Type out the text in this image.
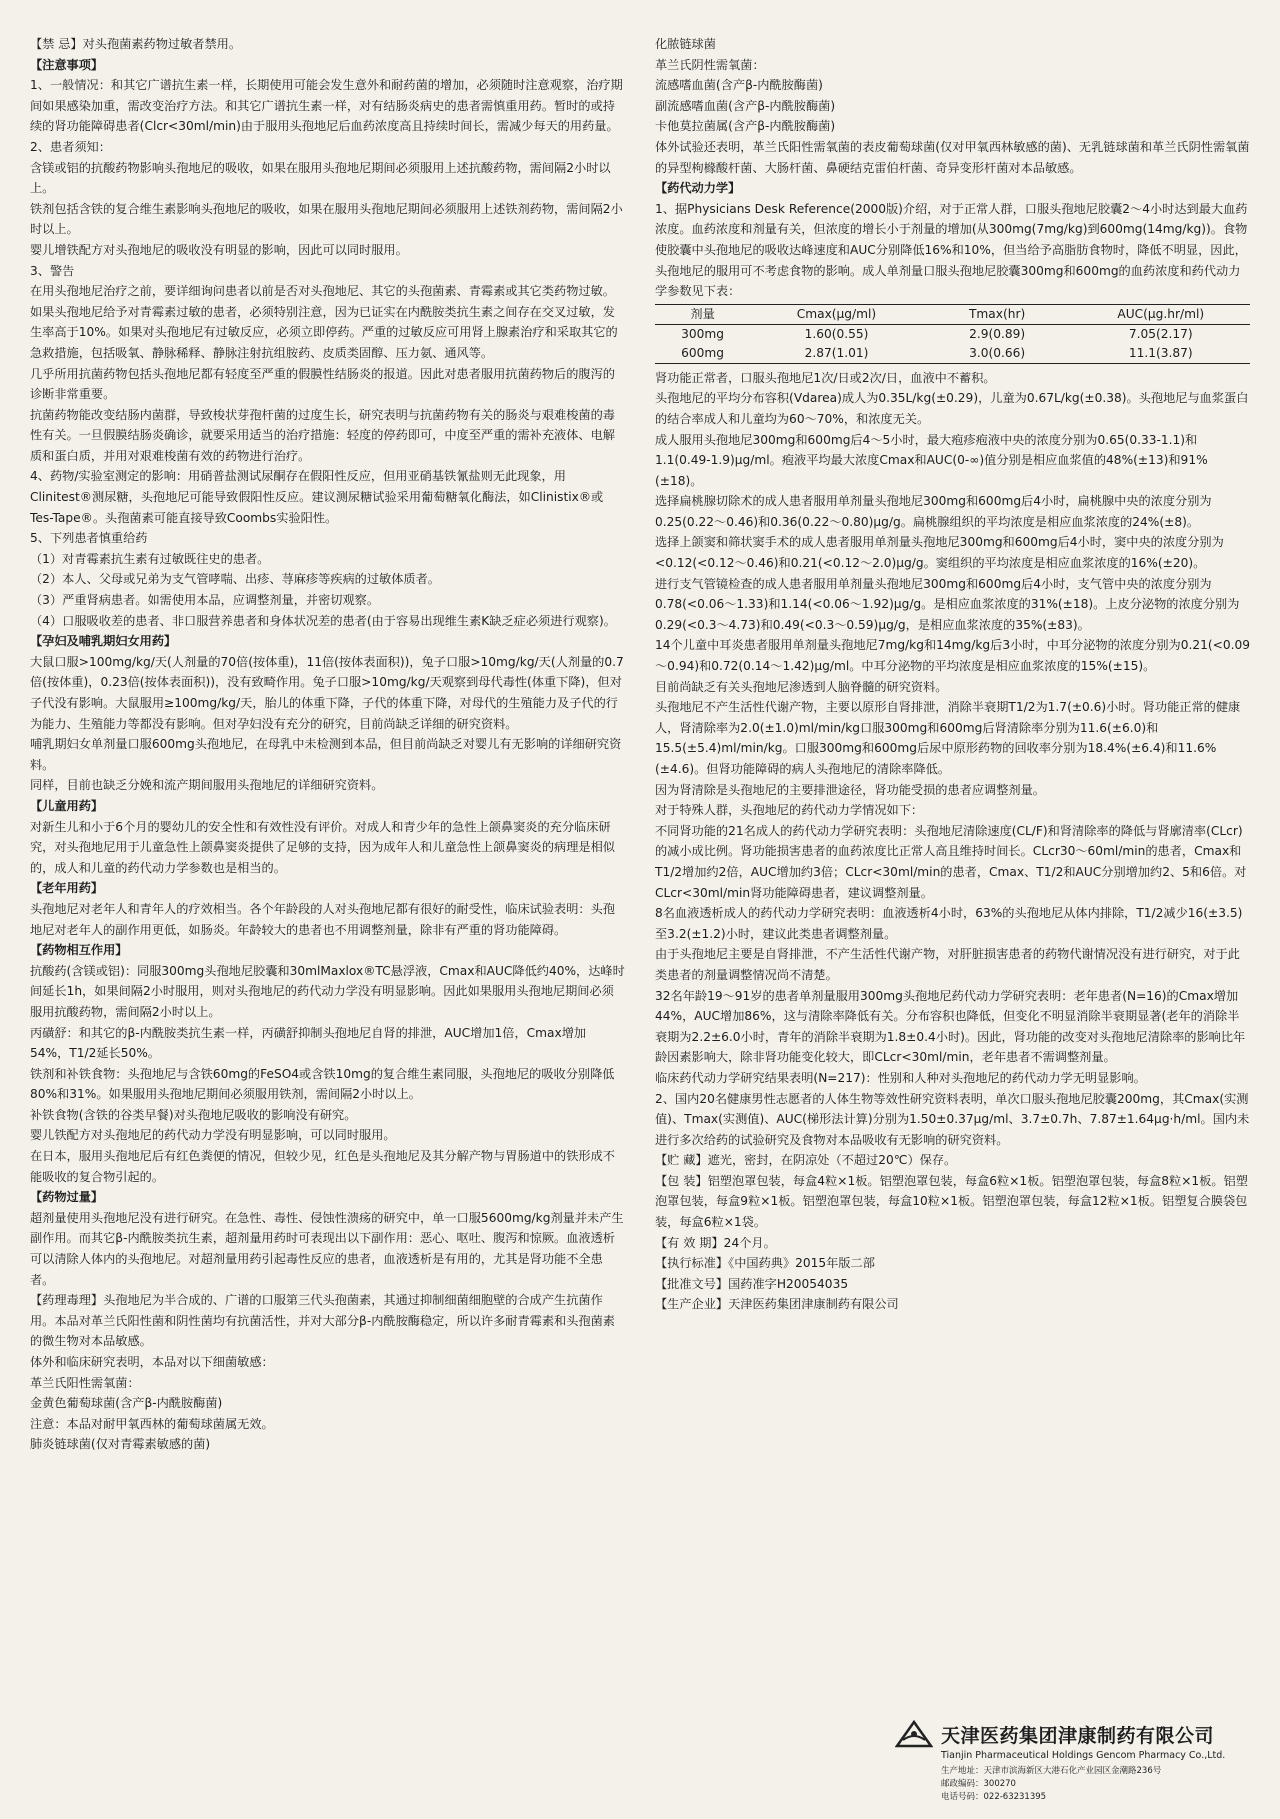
【禁 忌】对头孢菌素药物过敏者禁用。

【注意事项】

1、一般情况：和其它广谱抗生素一样，长期使用可能会发生意外和耐药菌的增加，必须随时注意观察，治疗期间如果感染加重，需改变治疗方法。和其它广谱抗生素一样，对有结肠炎病史的患者需慎重用药。暂时的或持续的肾功能障碍患者(Clcr<30ml/min)由于服用头孢地尼后血药浓度高且持续时间长，需减少每天的用药量。

2、患者须知：

含镁或铝的抗酸药物影响头孢地尼的吸收，如果在服用头孢地尼期间必须服用上述抗酸药物，需间隔2小时以上。

铁剂包括含铁的复合维生素影响头孢地尼的吸收，如果在服用头孢地尼期间必须服用上述铁剂药物，需间隔2小时以上。

婴儿增铁配方对头孢地尼的吸收没有明显的影响，因此可以同时服用。

3、警告

在用头孢地尼治疗之前，要详细询问患者以前是否对头孢地尼、其它的头孢菌素、青霉素或其它类药物过敏。如果头孢地尼给予对青霉素过敏的患者，必须特别注意，因为已证实在内酰胺类抗生素之间存在交叉过敏，发生率高于10%。如果对头孢地尼有过敏反应，必须立即停药。严重的过敏反应可用肾上腺素治疗和采取其它的急救措施，包括吸氧、静脉稀释、静脉注射抗组胺药、皮质类固醇、压力氨、通风等。

几乎所用抗菌药物包括头孢地尼都有轻度至严重的假膜性结肠炎的报道。因此对患者服用抗菌药物后的腹泻的诊断非常重要。

抗菌药物能改变结肠内菌群，导致梭状芽孢杆菌的过度生长，研究表明与抗菌药物有关的肠炎与艰难梭菌的毒性有关。一旦假膜结肠炎确诊，就要采用适当的治疗措施：轻度的停药即可，中度至严重的需补充液体、电解质和蛋白质，并用对艰难梭菌有效的药物进行治疗。

4、药物/实验室测定的影响：用硝普盐测试尿酮存在假阳性反应，但用亚硝基铁氰盐则无此现象，用Clinitest®测尿糖，头孢地尼可能导致假阳性反应。建议测尿糖试验采用葡萄糖氧化酶法，如Clinistix®或Tes-Tape®。头孢菌素可能直接导致Coombs实验阳性。

5、下列患者慎重给药

（1）对青霉素抗生素有过敏既往史的患者。

（2）本人、父母或兄弟为支气管哮喘、出疹、荨麻疹等疾病的过敏体质者。

（3）严重肾病患者。如需使用本品，应调整剂量，并密切观察。

（4）口服吸收差的患者、非口服营养患者和身体状况差的患者(由于容易出现维生素K缺乏症必须进行观察)。

【孕妇及哺乳期妇女用药】

大鼠口服>100mg/kg/天(人剂量的70倍(按体重)，11倍(按体表面积))，兔子口服>10mg/kg/天(人剂量的0.7倍(按体重)，0.23倍(按体表面积))，没有致畸作用。兔子口服>10mg/kg/天观察到母代毒性(体重下降)，但对子代没有影响。大鼠服用≥100mg/kg/天，胎儿的体重下降，子代的体重下降，对母代的生殖能力及子代的行为能力、生殖能力等都没有影响。但对孕妇没有充分的研究，目前尚缺乏详细的研究资料。

哺乳期妇女单剂量口服600mg头孢地尼，在母乳中未检测到本品，但目前尚缺乏对婴儿有无影响的详细研究资料。

同样，目前也缺乏分娩和流产期间服用头孢地尼的详细研究资料。

【儿童用药】

对新生儿和小于6个月的婴幼儿的安全性和有效性没有评价。对成人和青少年的急性上颌鼻窦炎的充分临床研究，对头孢地尼用于儿童急性上颌鼻窦炎提供了足够的支持，因为成年人和儿童急性上颌鼻窦炎的病理是相似的，成人和儿童的药代动力学参数也是相当的。

【老年用药】

头孢地尼对老年人和青年人的疗效相当。各个年龄段的人对头孢地尼都有很好的耐受性，临床试验表明：头孢地尼对老年人的副作用更低，如肠炎。年龄较大的患者也不用调整剂量，除非有严重的肾功能障碍。

【药物相互作用】

抗酸药(含镁或铝)：同服300mg头孢地尼胶囊和30mlMaxlox®TC悬浮液，Cmax和AUC降低约40%，达峰时间延长1h，如果间隔2小时服用，则对头孢地尼的药代动力学没有明显影响。因此如果服用头孢地尼期间必须服用抗酸药物，需间隔2小时以上。

丙磺舒：和其它的β-内酰胺类抗生素一样，丙磺舒抑制头孢地尼自肾的排泄，AUC增加1倍，Cmax增加54%，T1/2延长50%。

铁剂和补铁食物：头孢地尼与含铁60mg的FeSO4或含铁10mg的复合维生素同服，头孢地尼的吸收分别降低80%和31%。如果服用头孢地尼期间必须服用铁剂，需间隔2小时以上。

补铁食物(含铁的谷类早餐)对头孢地尼吸收的影响没有研究。

婴儿铁配方对头孢地尼的药代动力学没有明显影响，可以同时服用。

在日本，服用头孢地尼后有红色粪便的情况，但较少见，红色是头孢地尼及其分解产物与胃肠道中的铁形成不能吸收的复合物引起的。

【药物过量】

超剂量使用头孢地尼没有进行研究。在急性、毒性、侵蚀性溃疡的研究中，单一口服5600mg/kg剂量并未产生副作用。而其它β-内酰胺类抗生素，超剂量用药时可表现出以下副作用：恶心、呕吐、腹泻和惊厥。血液透析可以清除人体内的头孢地尼。对超剂量用药引起毒性反应的患者，血液透析是有用的，尤其是肾功能不全患者。

【药理毒理】头孢地尼为半合成的、广谱的口服第三代头孢菌素，其通过抑制细菌细胞壁的合成产生抗菌作用。本品对革兰氏阳性菌和阴性菌均有抗菌活性，并对大部分β-内酰胺酶稳定，所以许多耐青霉素和头孢菌素的微生物对本品敏感。

体外和临床研究表明，本品对以下细菌敏感：

革兰氏阳性需氧菌：

金黄色葡萄球菌(含产β-内酰胺酶菌)

注意：本品对耐甲氧西林的葡萄球菌属无效。

肺炎链球菌(仅对青霉素敏感的菌)

化脓链球菌

革兰氏阴性需氧菌：

流感嗜血菌(含产β-内酰胺酶菌)

副流感嗜血菌(含产β-内酰胺酶菌)

卡他莫拉菌属(含产β-内酰胺酶菌)

体外试验还表明，革兰氏阳性需氧菌的表皮葡萄球菌(仅对甲氧西林敏感的菌)、无乳链球菌和革兰氏阴性需氧菌的异型枸橼酸杆菌、大肠杆菌、鼻硬结克雷伯杆菌、奇异变形杆菌对本品敏感。

【药代动力学】

1、据Physicians Desk Reference(2000版)介绍，对于正常人群，口服头孢地尼胶囊2～4小时达到最大血药浓度。血药浓度和剂量有关，但浓度的增长小于剂量的增加(从300mg(7mg/kg)到600mg(14mg/kg))。食物使胶囊中头孢地尼的吸收达峰速度和AUC分别降低16%和10%，但当给予高脂肪食物时，降低不明显，因此，头孢地尼的服用可不考虑食物的影响。成人单剂量口服头孢地尼胶囊300mg和600mg的血药浓度和药代动力学参数见下表：

剂量	Cmax(μg/ml)	Tmax(hr)	AUC(μg.hr/ml)
300mg	1.60(0.55)	2.9(0.89)	7.05(2.17)
600mg	2.87(1.01)	3.0(0.66)	11.1(3.87)

肾功能正常者，口服头孢地尼1次/日或2次/日，血液中不蓄积。

头孢地尼的平均分布容积(Vdarea)成人为0.35L/kg(±0.29)，儿童为0.67L/kg(±0.38)。头孢地尼与血浆蛋白的结合率成人和儿童均为60～70%，和浓度无关。

成人服用头孢地尼300mg和600mg后4～5小时，最大疱疹疱液中央的浓度分别为0.65(0.33-1.1)和1.1(0.49-1.9)μg/ml。疱液平均最大浓度Cmax和AUC(0-∞)值分别是相应血浆值的48%(±13)和91%(±18)。

选择扁桃腺切除术的成人患者服用单剂量头孢地尼300mg和600mg后4小时，扁桃腺中央的浓度分别为0.25(0.22～0.46)和0.36(0.22～0.80)μg/g。扁桃腺组织的平均浓度是相应血浆浓度的24%(±8)。

选择上颌窦和筛状窦手术的成人患者服用单剂量头孢地尼300mg和600mg后4小时，窦中央的浓度分别为<0.12(<0.12～0.46)和0.21(<0.12～2.0)μg/g。窦组织的平均浓度是相应血浆浓度的16%(±20)。

进行支气管镜检查的成人患者服用单剂量头孢地尼300mg和600mg后4小时，支气管中央的浓度分别为0.78(<0.06～1.33)和1.14(<0.06～1.92)μg/g。是相应血浆浓度的31%(±18)。上皮分泌物的浓度分别为0.29(<0.3～4.73)和0.49(<0.3～0.59)μg/g，是相应血浆浓度的35%(±83)。

14个儿童中耳炎患者服用单剂量头孢地尼7mg/kg和14mg/kg后3小时，中耳分泌物的浓度分别为0.21(<0.09～0.94)和0.72(0.14～1.42)μg/ml。中耳分泌物的平均浓度是相应血浆浓度的15%(±15)。

目前尚缺乏有关头孢地尼渗透到人脑脊髓的研究资料。

头孢地尼不产生活性代谢产物，主要以原形自肾排泄，消除半衰期T1/2为1.7(±0.6)小时。肾功能正常的健康人，肾清除率为2.0(±1.0)ml/min/kg口服300mg和600mg后肾清除率分别为11.6(±6.0)和15.5(±5.4)ml/min/kg。口服300mg和600mg后尿中原形药物的回收率分别为18.4%(±6.4)和11.6%(±4.6)。但肾功能障碍的病人头孢地尼的清除率降低。

因为肾清除是头孢地尼的主要排泄途径，肾功能受损的患者应调整剂量。

对于特殊人群，头孢地尼的药代动力学情况如下：

不同肾功能的21名成人的药代动力学研究表明：头孢地尼清除速度(CL/F)和肾清除率的降低与肾廓清率(CLcr)的减小成比例。肾功能损害患者的血药浓度比正常人高且维持时间长。CLcr30～60ml/min的患者，Cmax和T1/2增加约2倍，AUC增加约3倍；CLcr<30ml/min的患者，Cmax、T1/2和AUC分别增加约2、5和6倍。对CLcr<30ml/min肾功能障碍患者，建议调整剂量。

8名血液透析成人的药代动力学研究表明：血液透析4小时，63%的头孢地尼从体内排除，T1/2减少16(±3.5)至3.2(±1.2)小时，建议此类患者调整剂量。

由于头孢地尼主要是自肾排泄，不产生活性代谢产物，对肝脏损害患者的药物代谢情况没有进行研究，对于此类患者的剂量调整情况尚不清楚。

32名年龄19～91岁的患者单剂量服用300mg头孢地尼药代动力学研究表明：老年患者(N=16)的Cmax增加44%，AUC增加86%，这与清除率降低有关。分布容积也降低，但变化不明显消除半衰期显著(老年的消除半衰期为2.2±6.0小时，青年的消除半衰期为1.8±0.4小时)。因此，肾功能的改变对头孢地尼清除率的影响比年龄因素影响大，除非肾功能变化较大，即CLcr<30ml/min，老年患者不需调整剂量。

临床药代动力学研究结果表明(N=217)：性别和人种对头孢地尼的药代动力学无明显影响。

2、国内20名健康男性志愿者的人体生物等效性研究资料表明，单次口服头孢地尼胶囊200mg，其Cmax(实测值)、Tmax(实测值)、AUC(梯形法计算)分别为1.50±0.37μg/ml、3.7±0.7h、7.87±1.64μg·h/ml。国内未进行多次给药的试验研究及食物对本品吸收有无影响的研究资料。

【贮 藏】遮光，密封，在阴凉处（不超过20℃）保存。

【包 装】铝塑泡罩包装，每盒4粒×1板。铝塑泡罩包装，每盒6粒×1板。铝塑泡罩包装，每盒8粒×1板。铝塑泡罩包装，每盒9粒×1板。铝塑泡罩包装，每盒10粒×1板。铝塑泡罩包装，每盒12粒×1板。铝塑复合膜袋包装，每盒6粒×1袋。

【有 效 期】24个月。

【执行标准】《中国药典》2015年版二部

【批准文号】国药准字H20054035

【生产企业】天津医药集团津康制药有限公司

天津医药集团津康制药有限公司
Tianjin Pharmaceutical Holdings Gencom Pharmacy Co.,Ltd.
生产地址：天津市滨海新区大港石化产业园区金潮路236号
邮政编码：300270
电话号码：022-63231395
